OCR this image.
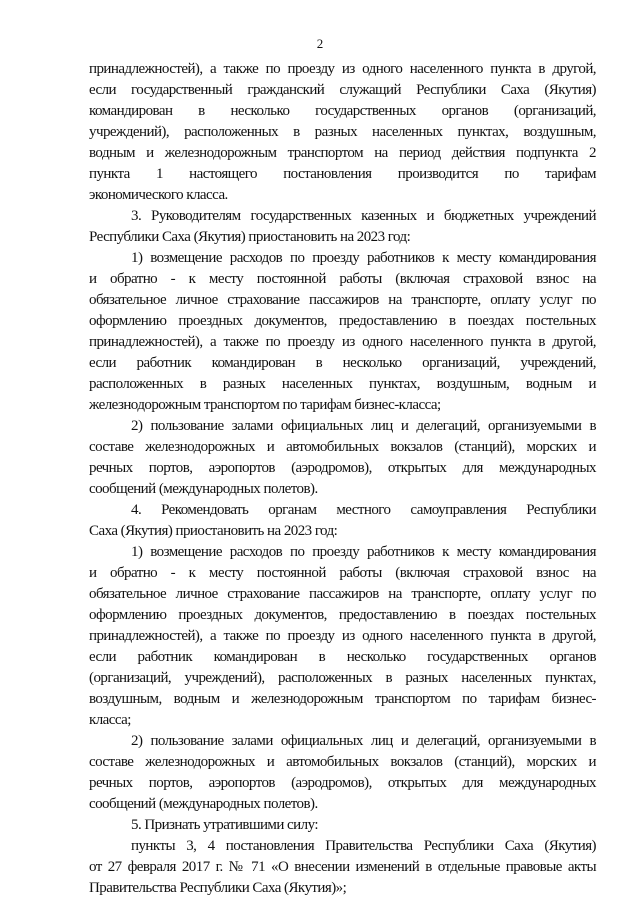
2

принадлежностей), а также по проезду из одного населенного пункта в другой,
если государственный гражданский служащий Республики Саха (Якутия)
командирован в несколько государственных органов (организаций,
учреждений), расположенных в разных населенных пунктах, воздушным,
водным и железнодорожным транспортом на период действия подпункта 2
пункта 1 настоящего постановления производится по тарифам
экономического класса.

3. Руководителям государственных казенных и бюджетных учреждений
Республики Саха (Якутия) приостановить на 2023 год:

1) возмещение расходов по проезду работников к месту командирования
и обратно - к месту постоянной работы (включая страховой взнос на
обязательное личное страхование пассажиров на транспорте, оплату услуг по
оформлению проездных документов, предоставлению в поездах постельных
принадлежностей), а также по проезду из одного населенного пункта в другой,
если работник командирован в несколько организаций, учреждений,
расположенных в разных населенных пунктах, воздушным, водным и
железнодорожным транспортом по тарифам бизнес-класса;

2) пользование залами официальных лиц и делегаций, организуемыми в
составе железнодорожных и автомобильных вокзалов (станций), морских и
речных портов, аэропортов (аэродромов), открытых для международных
сообщений (международных полетов).

4. Рекомендовать органам местного самоуправления Республики
Саха (Якутия) приостановить на 2023 год:

1) возмещение расходов по проезду работников к месту командирования
и обратно - к месту постоянной работы (включая страховой взнос на
обязательное личное страхование пассажиров на транспорте, оплату услуг по
оформлению проездных документов, предоставлению в поездах постельных
принадлежностей), а также по проезду из одного населенного пункта в другой,
если работник командирован в несколько государственных органов
(организаций, учреждений), расположенных в разных населенных пунктах,
воздушным, водным и железнодорожным транспортом по тарифам бизнес-
класса;

2) пользование залами официальных лиц и делегаций, организуемыми в
составе железнодорожных и автомобильных вокзалов (станций), морских и
речных портов, аэропортов (аэродромов), открытых для международных
сообщений (международных полетов).

5. Признать утратившими силу:

пункты 3, 4 постановления Правительства Республики Саха (Якутия)
от 27 февраля 2017 г. № 71 «О внесении изменений в отдельные правовые акты
Правительства Республики Саха (Якутия)»;
